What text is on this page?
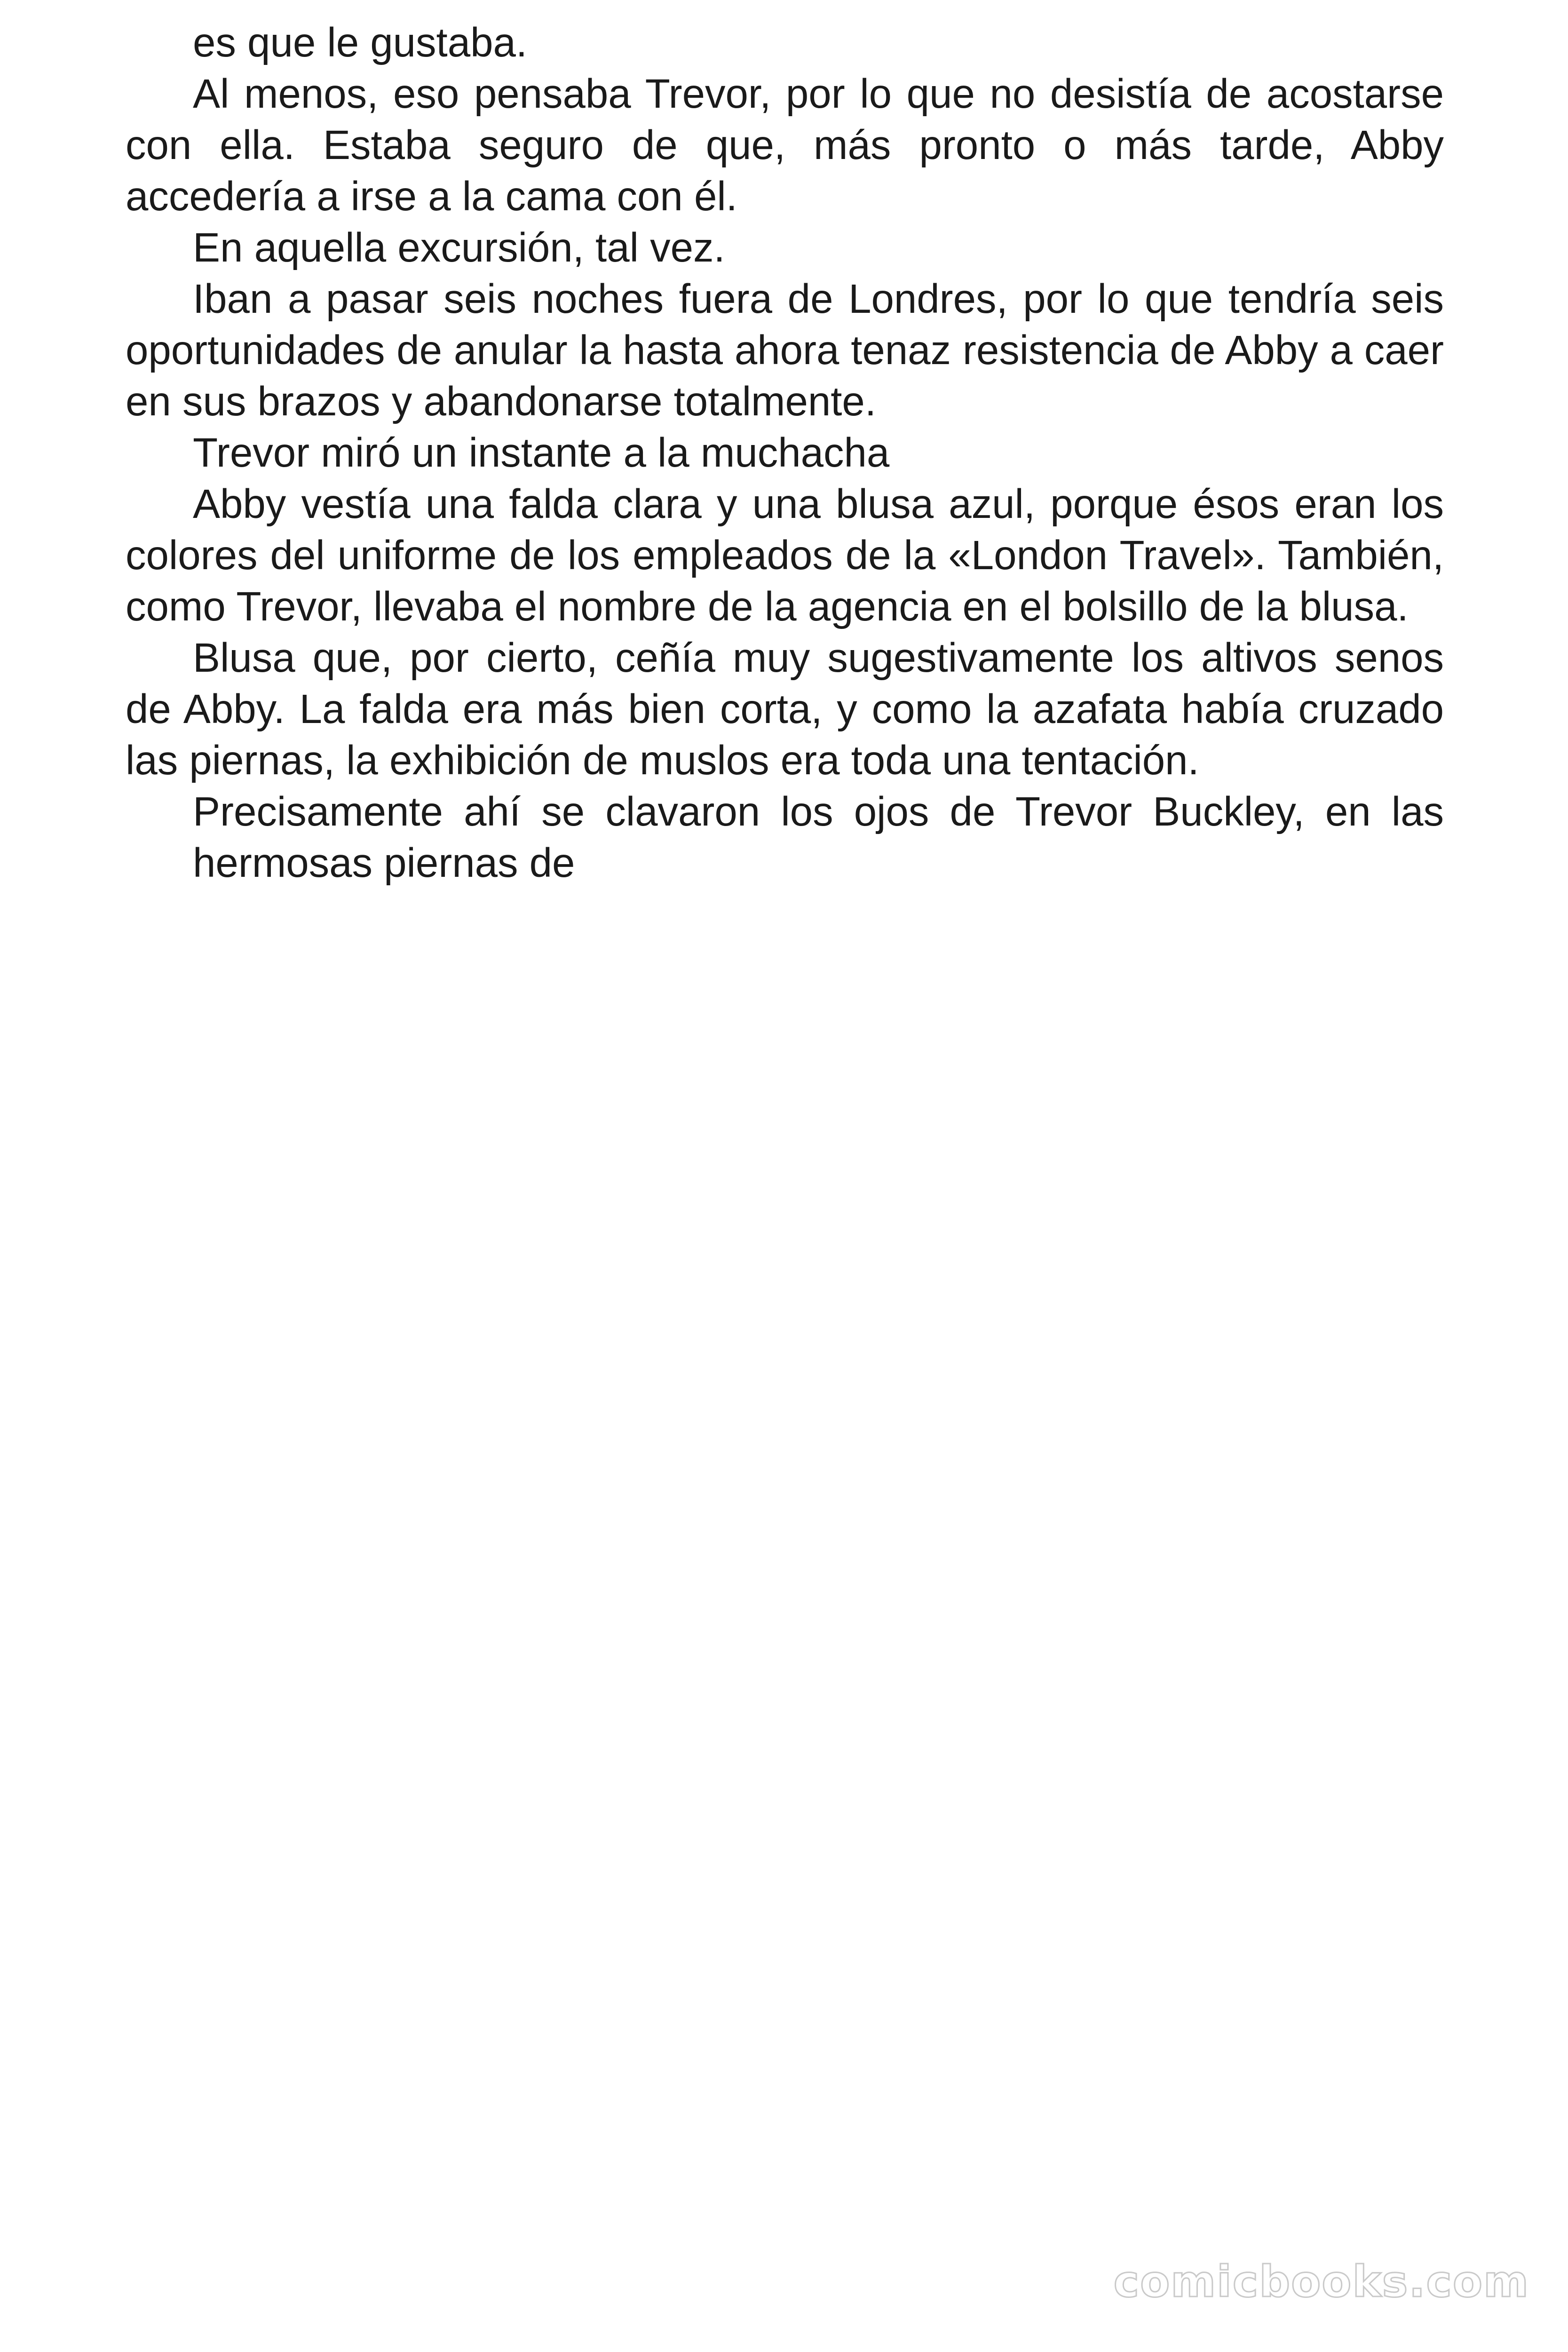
es que le gustaba.

Al menos, eso pensaba Trevor, por lo que no desistía de acostarse con ella. Estaba seguro de que, más pronto o más tarde, Abby accedería a irse a la cama con él.

En aquella excursión, tal vez.

Iban a pasar seis noches fuera de Londres, por lo que tendría seis oportunidades de anular la hasta ahora tenaz resistencia de Abby a caer en sus brazos y abandonarse totalmente.

Trevor miró un instante a la muchacha

Abby vestía una falda clara y una blusa azul, porque ésos eran los colores del uniforme de los empleados de la «London Travel». También, como Trevor, llevaba el nombre de la agencia en el bolsillo de la blusa.

Blusa que, por cierto, ceñía muy sugestivamente los altivos senos de Abby. La falda era más bien corta, y como la azafata había cruzado las piernas, la exhibición de muslos era toda una tentación.

Precisamente ahí se clavaron los ojos de Trevor Buckley, en las hermosas piernas de

comicbooks.com
